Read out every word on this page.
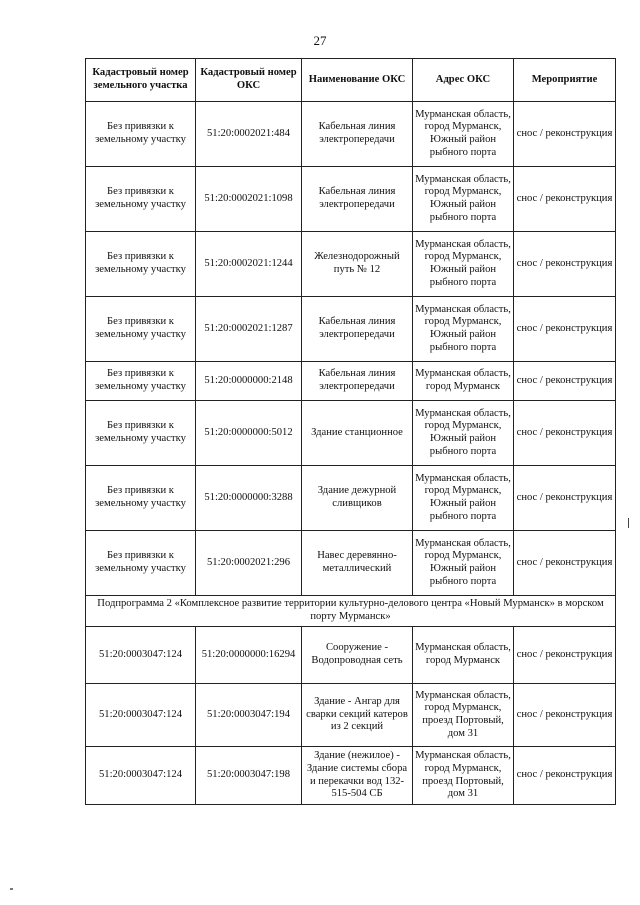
27
Кадастровый номер земельного участка	Кадастровый номер ОКС	Наименование ОКС	Адрес ОКС	Мероприятие
Без привязки к земельному участку	51:20:0002021:484	Кабельная линия электропередачи	Мурманская область, город Мурманск, Южный район рыбного порта	снос / реконструкция
Без привязки к земельному участку	51:20:0002021:1098	Кабельная линия электропередачи	Мурманская область, город Мурманск, Южный район рыбного порта	снос / реконструкция
Без привязки к земельному участку	51:20:0002021:1244	Железнодорожный путь № 12	Мурманская область, город Мурманск, Южный район рыбного порта	снос / реконструкция
Без привязки к земельному участку	51:20:0002021:1287	Кабельная линия электропередачи	Мурманская область, город Мурманск, Южный район рыбного порта	снос / реконструкция
Без привязки к земельному участку	51:20:0000000:2148	Кабельная линия электропередачи	Мурманская область, город Мурманск	снос / реконструкция
Без привязки к земельному участку	51:20:0000000:5012	Здание станционное	Мурманская область, город Мурманск, Южный район рыбного порта	снос / реконструкция
Без привязки к земельному участку	51:20:0000000:3288	Здание дежурной сливщиков	Мурманская область, город Мурманск, Южный район рыбного порта	снос / реконструкция
Без привязки к земельному участку	51:20:0002021:296	Навес деревянно-металлический	Мурманская область, город Мурманск, Южный район рыбного порта	снос / реконструкция
Подпрограмма 2 «Комплексное развитие территории культурно-делового центра «Новый Мурманск» в морском порту Мурманск»				
51:20:0003047:124	51:20:0000000:16294	Сооружение - Водопроводная сеть	Мурманская область, город Мурманск	снос / реконструкция
51:20:0003047:124	51:20:0003047:194	Здание - Ангар для сварки секций катеров из 2 секций	Мурманская область, город Мурманск, проезд Портовый, дом 31	снос / реконструкция
51:20:0003047:124	51:20:0003047:198	Здание (нежилое) - Здание системы сбора и перекачки вод 132-515-504 СБ	Мурманская область, город Мурманск, проезд Портовый, дом 31	снос / реконструкция
